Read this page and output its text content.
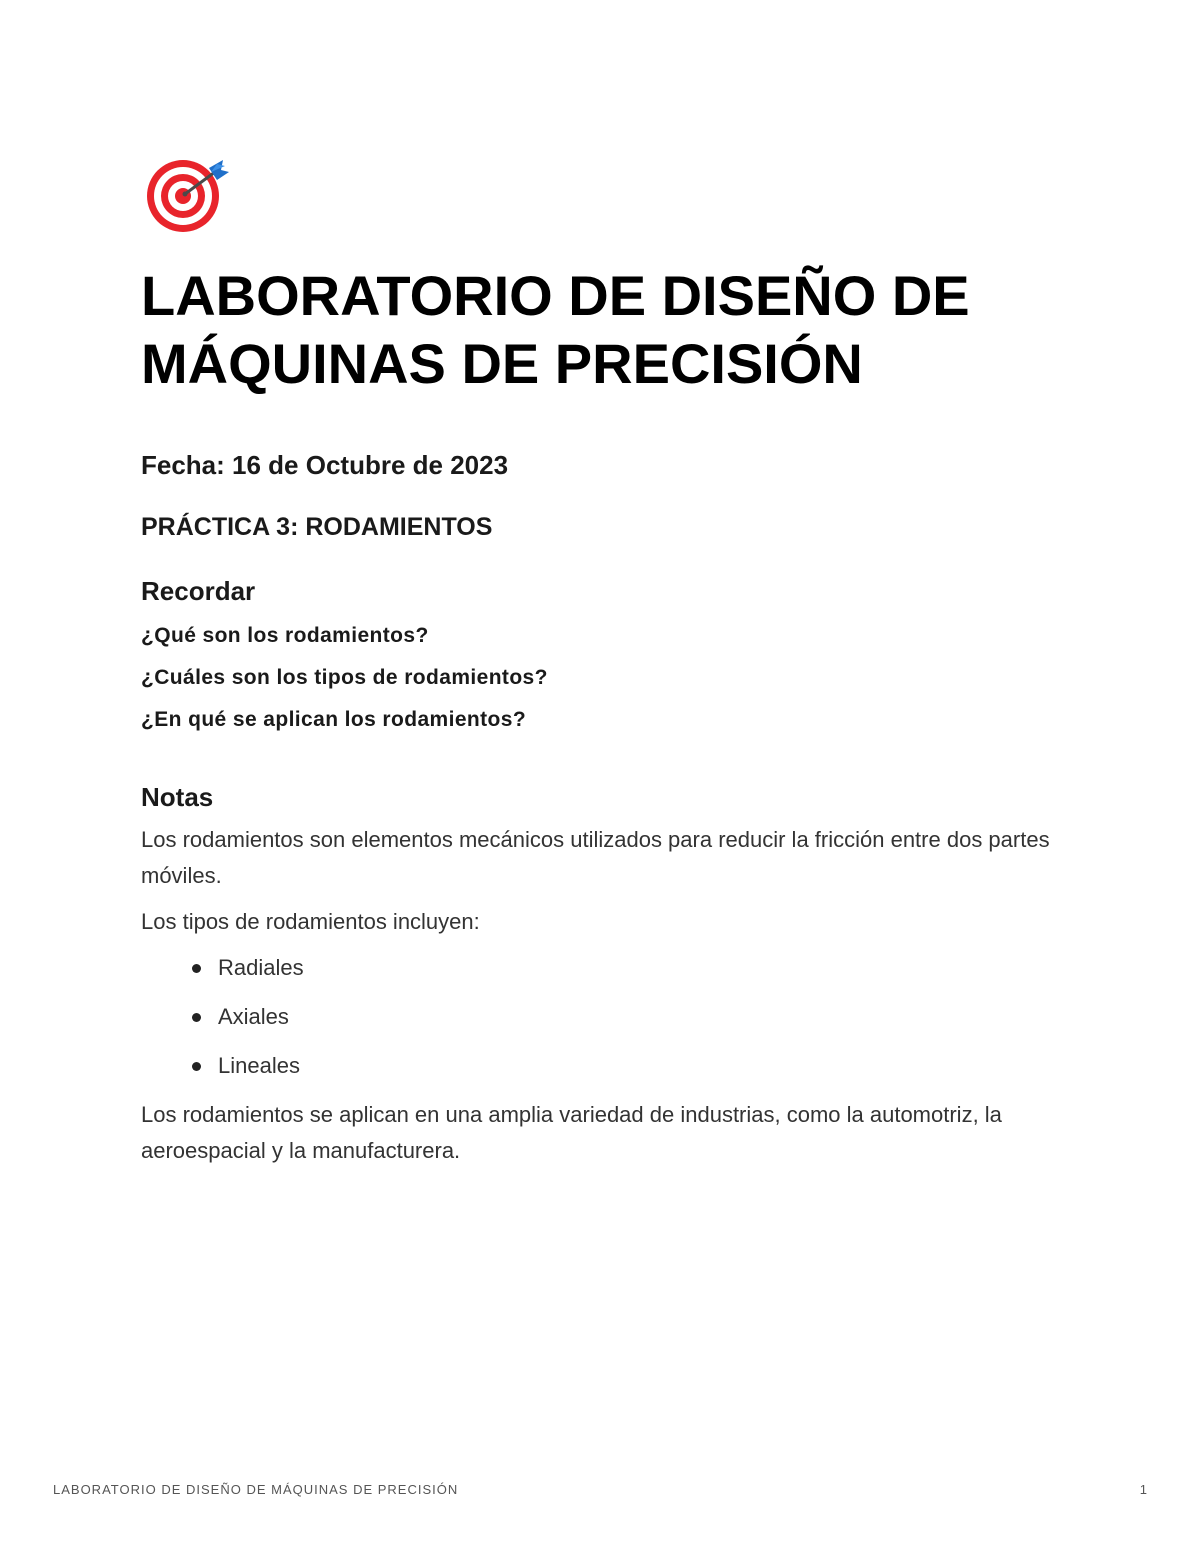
LABORATORIO DE DISEÑO DE MÁQUINAS DE PRECISIÓN

Fecha: 16 de Octubre de 2023

PRÁCTICA 3: RODAMIENTOS

Recordar

¿Qué son los rodamientos?

¿Cuáles son los tipos de rodamientos?

¿En qué se aplican los rodamientos?

Notas

Los rodamientos son elementos mecánicos utilizados para reducir la fricción entre dos partes móviles.

Los tipos de rodamientos incluyen:

Radiales
Axiales
Lineales

Los rodamientos se aplican en una amplia variedad de industrias, como la automotriz, la aeroespacial y la manufacturera.

LABORATORIO DE DISEÑO DE MÁQUINAS DE PRECISIÓN	1
